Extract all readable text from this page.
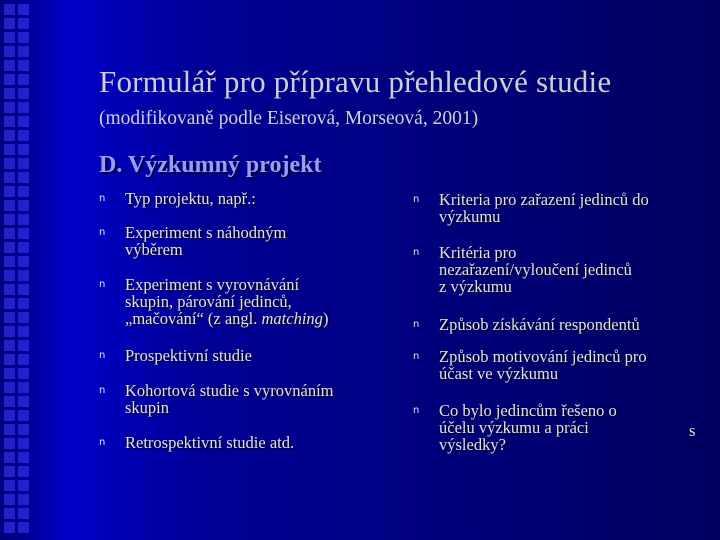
Formulář pro přípravu přehledové studie
(modifikovaně podle Eiserová, Morseová, 2001)
D. Výzkumný projekt
n Typ projektu, např.:
n Experiment s náhodným
výběrem
n Experiment s vyrovnávání
skupin, párování jedinců,
„mačování“ (z angl. matching)
n Prospektivní studie
n Kohortová studie s vyrovnáním
skupin
n Retrospektivní studie atd.
n Kriteria pro zařazení jedinců do
výzkumu
n Kritéria pro
nezařazení/vyloučení jedinců
z výzkumu
n Způsob získávání respondentů
n Způsob motivování jedinců pro
účast ve výzkumu
n Co bylo jedincům řešeno o
účelu výzkumu a práci
výsledky?
s
